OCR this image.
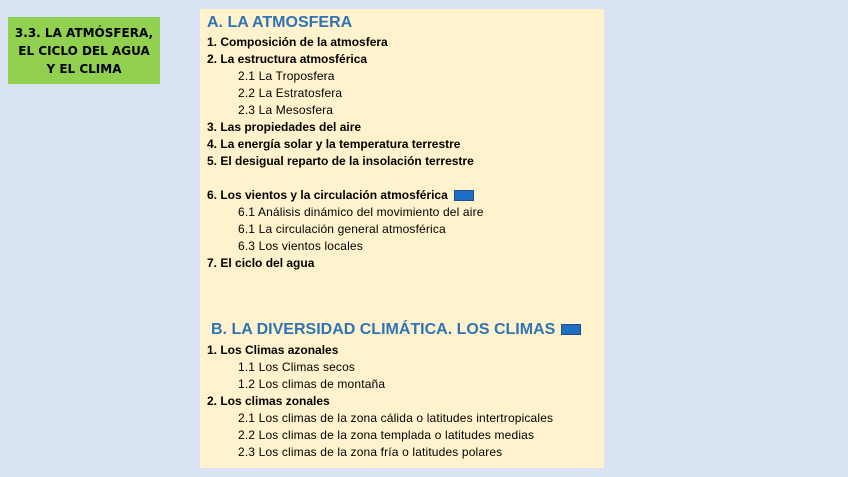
3.3. LA ATMÓSFERA,
EL CICLO DEL AGUA
Y EL CLIMA
A. LA ATMOSFERA
1. Composición de la atmosfera
2. La estructura atmosférica
2.1 La Troposfera
2.2 La Estratosfera
2.3 La Mesosfera
3. Las propiedades del aire
4. La energía solar y la temperatura terrestre
5. El desigual reparto de la insolación terrestre
6. Los vientos y la circulación atmosférica
6.1 Análisis dinámico del movimiento del aire
6.1 La circulación general atmosférica
6.3 Los vientos locales
7. El ciclo del agua
B. LA DIVERSIDAD CLIMÁTICA. LOS CLIMAS
1. Los Climas azonales
1.1 Los Climas secos
1.2 Los climas de montaña
2. Los climas zonales
2.1 Los climas de la zona cálida o latitudes intertropicales
2.2 Los climas de la zona templada o latitudes medias
2.3 Los climas de la zona fría o latitudes polares
